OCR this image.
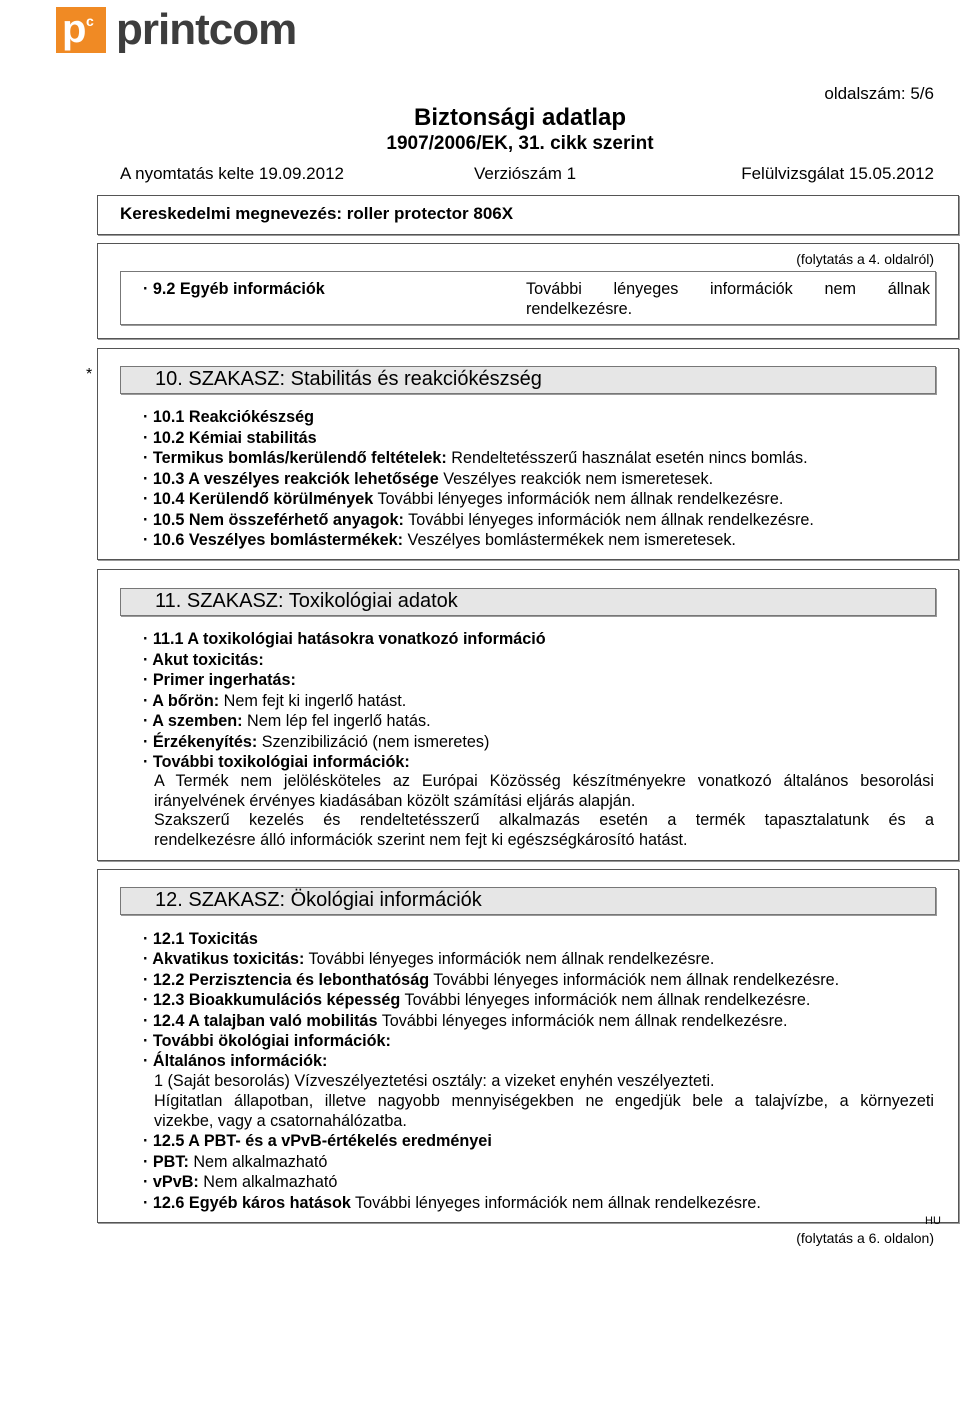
p c printcom
oldalszám: 5/6
Biztonsági adatlap
1907/2006/EK, 31. cikk szerint
A nyomtatás kelte 19.09.2012	Verziószám 1	Felülvizsgálat 15.05.2012
Kereskedelmi megnevezés: roller protector 806X
(folytatás a 4. oldalról)
· 9.2 Egyéb információk	További lényeges információk nem állnak
rendelkezésre.
*	10. SZAKASZ: Stabilitás és reakciókészség
· 10.1 Reakciókészség
· 10.2 Kémiai stabilitás
· Termikus bomlás/kerülendő feltételek: Rendeltetésszerű használat esetén nincs bomlás.
· 10.3 A veszélyes reakciók lehetősége Veszélyes reakciók nem ismeretesek.
· 10.4 Kerülendő körülmények További lényeges információk nem állnak rendelkezésre.
· 10.5 Nem összeférhető anyagok: További lényeges információk nem állnak rendelkezésre.
· 10.6 Veszélyes bomlástermékek: Veszélyes bomlástermékek nem ismeretesek.
11. SZAKASZ: Toxikológiai adatok
· 11.1 A toxikológiai hatásokra vonatkozó információ
· Akut toxicitás:
· Primer ingerhatás:
· A bőrön: Nem fejt ki ingerlő hatást.
· A szemben: Nem lép fel ingerlő hatás.
· Érzékenyítés: Szenzibilizáció (nem ismeretes)
· További toxikológiai információk:
A Termék nem jelölésköteles az Európai Közösség készítményekre vonatkozó általános besorolási
irányelvének érvényes kiadásában közölt számítási eljárás alapján.
Szakszerű kezelés és rendeltetésszerű alkalmazás esetén a termék tapasztalatunk és a
rendelkezésre álló információk szerint nem fejt ki egészségkárosító hatást.
12. SZAKASZ: Ökológiai információk
· 12.1 Toxicitás
· Akvatikus toxicitás: További lényeges információk nem állnak rendelkezésre.
· 12.2 Perzisztencia és lebonthatóság További lényeges információk nem állnak rendelkezésre.
· 12.3 Bioakkumulációs képesség További lényeges információk nem állnak rendelkezésre.
· 12.4 A talajban való mobilitás További lényeges információk nem állnak rendelkezésre.
· További ökológiai információk:
· Általános információk:
1 (Saját besorolás) Vízveszélyeztetési osztály: a vizeket enyhén veszélyezteti.
Hígitatlan állapotban, illetve nagyobb mennyiségekben ne engedjük bele a talajvízbe, a környezeti
vizekbe, vagy a csatornahálózatba.
· 12.5 A PBT- és a vPvB-értékelés eredményei
· PBT: Nem alkalmazható
· vPvB: Nem alkalmazható
· 12.6 Egyéb káros hatások További lényeges információk nem állnak rendelkezésre.
HU
(folytatás a 6. oldalon)
